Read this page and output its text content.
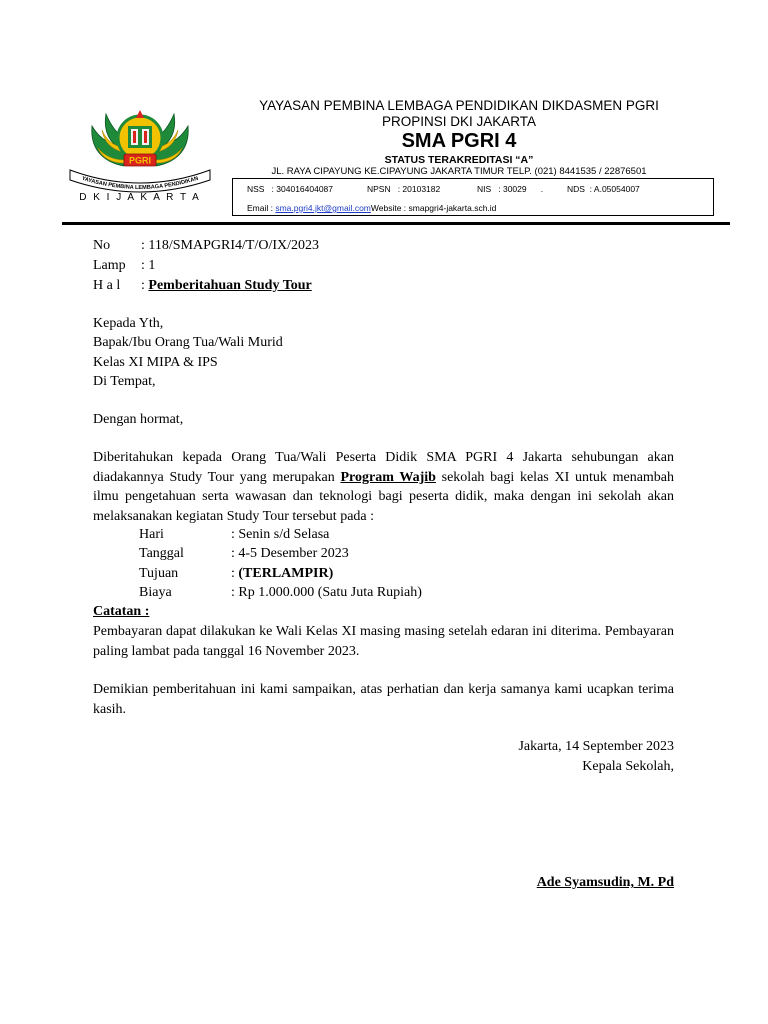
PGRI
YAYASAN PEMBINA LEMBAGA PENDIDIKAN
D K I J A K A R T A
YAYASAN PEMBINA LEMBAGA PENDIDIKAN DIKDASMEN PGRI
PROPINSI DKI JAKARTA
SMA PGRI 4
STATUS TERAKREDITASI “A”
JL. RAYA CIPAYUNG KE.CIPAYUNG JAKARTA TIMUR TELP. (021) 8441535 / 22876501
NSS   : 304016404087	NPSN   : 20103182	NIS   : 30029      .	NDS  : A.05054007
Email : sma.pgri4.jkt@gmail.comWebsite : smapgri4-jakarta.sch.id
No : 118/SMAPGRI4/T/O/IX/2023
Lamp : 1
H a l : Pemberitahuan Study Tour
Kepada Yth,
Bapak/Ibu Orang Tua/Wali Murid
Kelas XI MIPA & IPS
Di Tempat,
Dengan hormat,
Diberitahukan kepada Orang Tua/Wali Peserta Didik SMA PGRI 4 Jakarta sehubungan akan diadakannya Study Tour yang merupakan Program Wajib sekolah bagi kelas XI untuk menambah ilmu pengetahuan serta wawasan dan teknologi bagi peserta didik, maka dengan ini sekolah akan melaksanakan kegiatan Study Tour tersebut pada :
Hari	: Senin s/d Selasa
Tanggal	: 4-5 Desember 2023
Tujuan	: (TERLAMPIR)
Biaya	: Rp 1.000.000 (Satu Juta Rupiah)
Catatan :
Pembayaran dapat dilakukan ke Wali Kelas XI masing masing setelah edaran ini diterima. Pembayaran paling lambat pada tanggal 16 November 2023.
Demikian pemberitahuan ini kami sampaikan, atas perhatian dan kerja samanya kami ucapkan terima kasih.
Jakarta, 14 September 2023
Kepala Sekolah,
Ade Syamsudin, M. Pd
